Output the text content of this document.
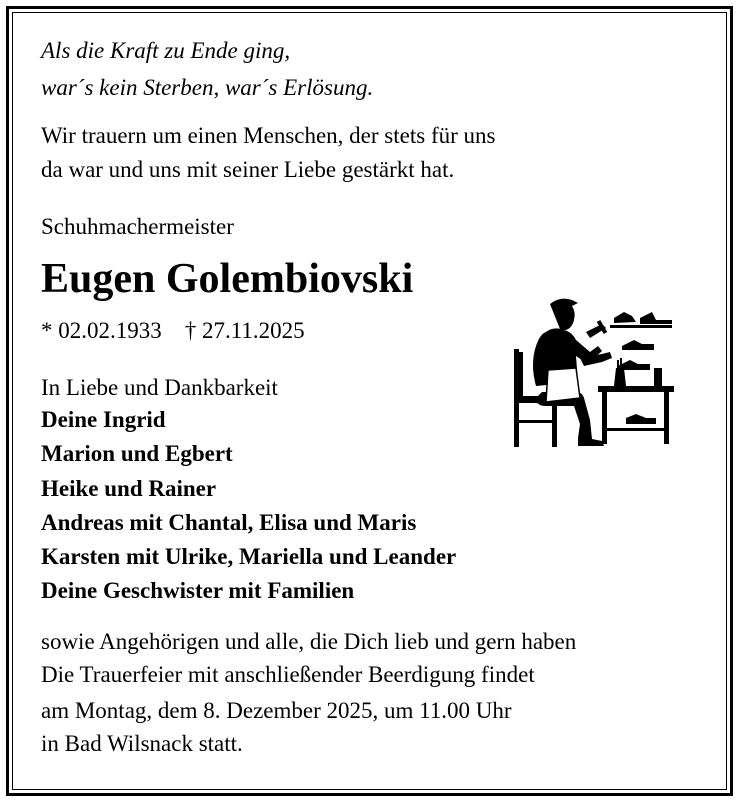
Als die Kraft zu Ende ging,
war´s kein Sterben, war´s Erlösung.
Wir trauern um einen Menschen, der stets für uns
da war und uns mit seiner Liebe gestärkt hat.
Schuhmachermeister
Eugen Golembiovski
* 02.02.1933    † 27.11.2025
In Liebe und Dankbarkeit
Deine Ingrid
Marion und Egbert
Heike und Rainer
Andreas mit Chantal, Elisa und Maris
Karsten mit Ulrike, Mariella und Leander
Deine Geschwister mit Familien
sowie Angehörigen und alle, die Dich lieb und gern haben
Die Trauerfeier mit anschließender Beerdigung findet
am Montag, dem 8. Dezember 2025, um 11.00 Uhr
in Bad Wilsnack statt.
